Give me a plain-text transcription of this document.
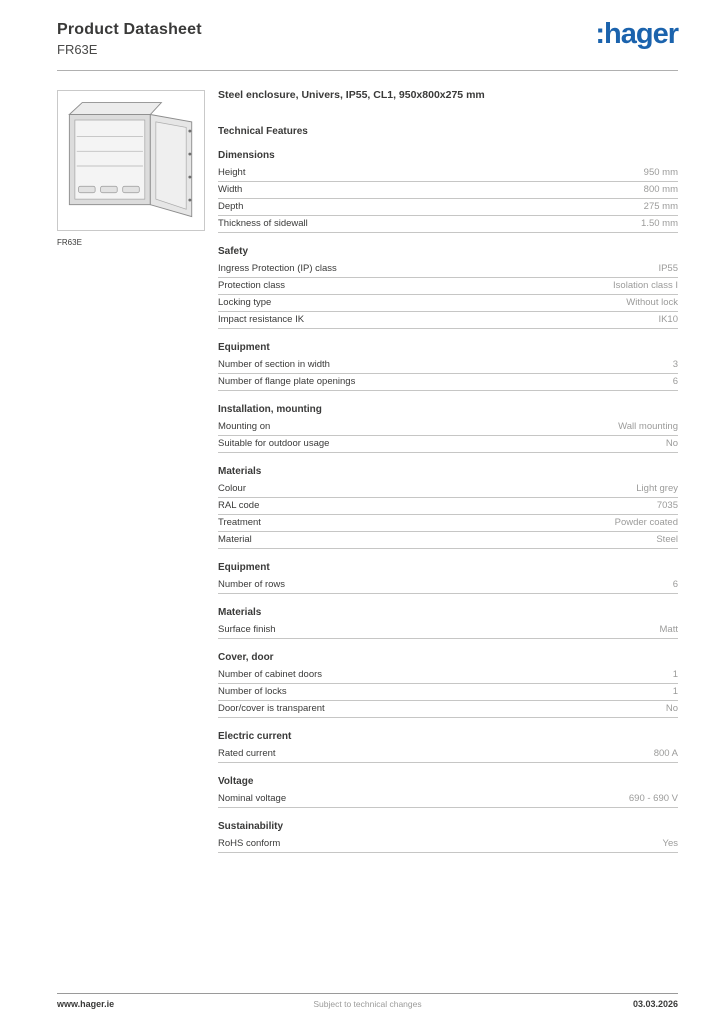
Product Datasheet
FR63E	:hager
FR63E
Steel enclosure, Univers, IP55, CL1, 950x800x275 mm
Technical Features
Dimensions
Height	950 mm
Width	800 mm
Depth	275 mm
Thickness of sidewall	1.50 mm
Safety
Ingress Protection (IP) class	IP55
Protection class	Isolation class I
Locking type	Without lock
Impact resistance IK	IK10
Equipment
Number of section in width	3
Number of flange plate openings	6
Installation, mounting
Mounting on	Wall mounting
Suitable for outdoor usage	No
Materials
Colour	Light grey
RAL code	7035
Treatment	Powder coated
Material	Steel
Equipment
Number of rows	6
Materials
Surface finish	Matt
Cover, door
Number of cabinet doors	1
Number of locks	1
Door/cover is transparent	No
Electric current
Rated current	800 A
Voltage
Nominal voltage	690 - 690 V
Sustainability
RoHS conform	Yes
www.hager.ie	Subject to technical changes	03.03.2026
